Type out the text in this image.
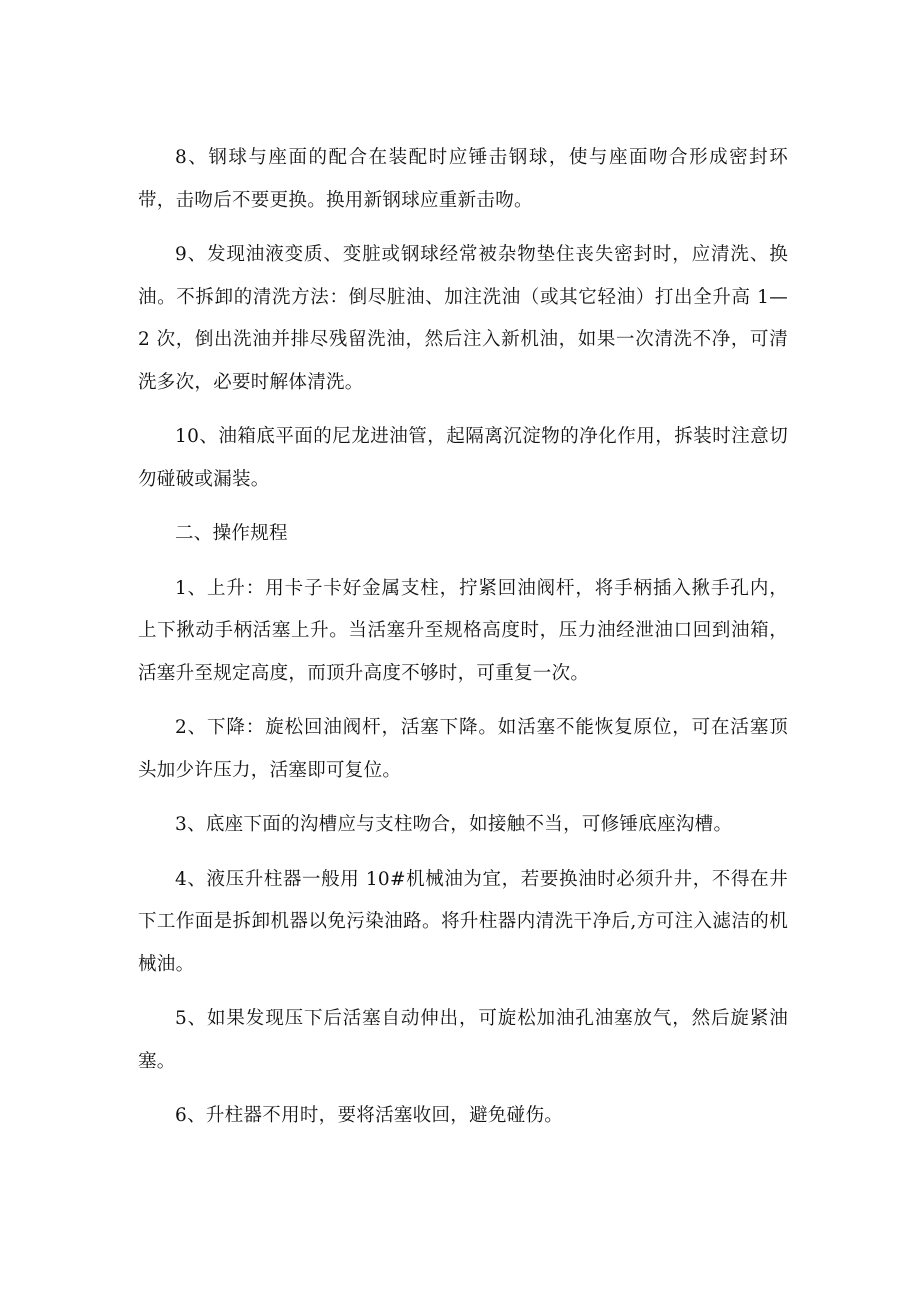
8、钢球与座面的配合在装配时应锤击钢球，使与座面吻合形成密封环带，击吻后不要更换。换用新钢球应重新击吻。

9、发现油液变质、变脏或钢球经常被杂物垫住丧失密封时，应清洗、换油。不拆卸的清洗方法：倒尽脏油、加注洗油（或其它轻油）打出全升高 1—2 次，倒出洗油并排尽残留洗油，然后注入新机油，如果一次清洗不净，可清洗多次，必要时解体清洗。

10、油箱底平面的尼龙进油管，起隔离沉淀物的净化作用，拆装时注意切勿碰破或漏装。

二、操作规程

1、上升：用卡子卡好金属支柱，拧紧回油阀杆，将手柄插入揪手孔内，上下揪动手柄活塞上升。当活塞升至规格高度时，压力油经泄油口回到油箱，活塞升至规定高度，而顶升高度不够时，可重复一次。

2、下降：旋松回油阀杆，活塞下降。如活塞不能恢复原位，可在活塞顶头加少许压力，活塞即可复位。

3、底座下面的沟槽应与支柱吻合，如接触不当，可修锤底座沟槽。

4、液压升柱器一般用 10#机械油为宜，若要换油时必须升井，不得在井下工作面是拆卸机器以免污染油路。将升柱器内清洗干净后,方可注入滤洁的机械油。

5、如果发现压下后活塞自动伸出，可旋松加油孔油塞放气，然后旋紧油塞。

6、升柱器不用时，要将活塞收回，避免碰伤。
